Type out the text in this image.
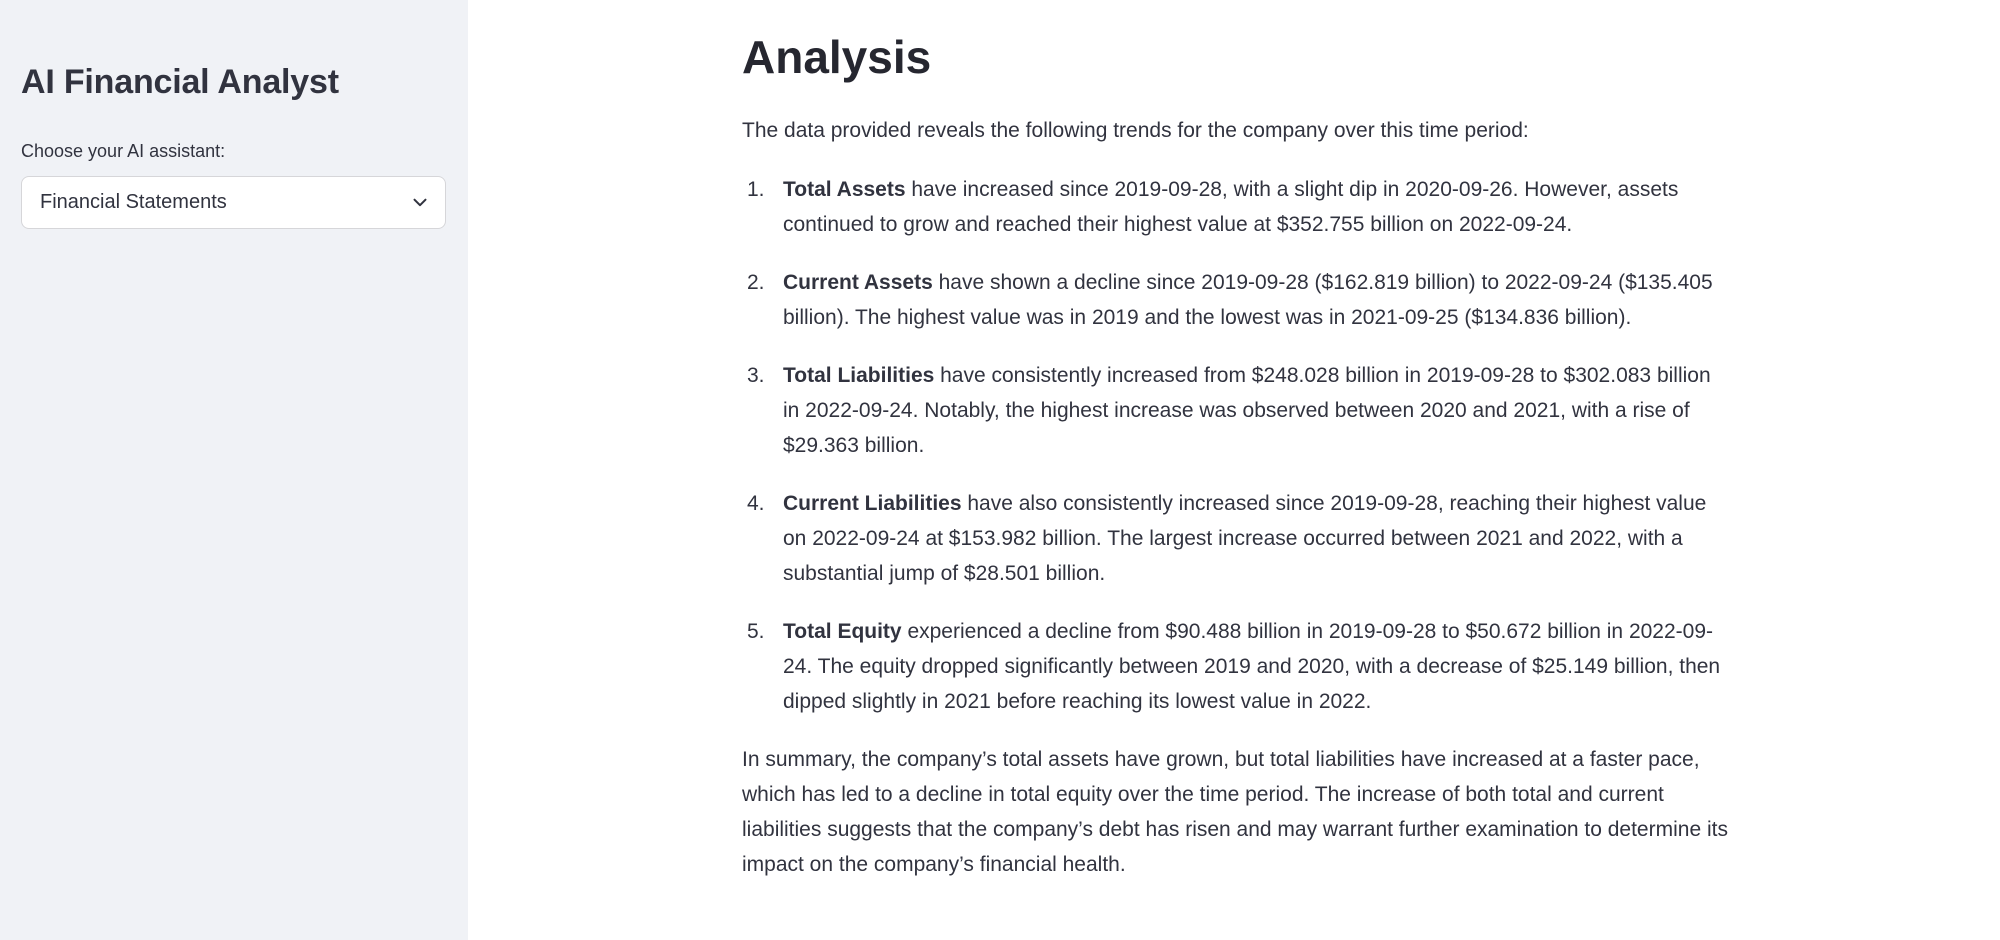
AI Financial Analyst
Choose your AI assistant:
Financial Statements
Analysis

The data provided reveals the following trends for the company over this time period:

1. Total Assets have increased since 2019-09-28, with a slight dip in 2020-09-26. However, assets continued to grow and reached their highest value at $352.755 billion on 2022-09-24.
2. Current Assets have shown a decline since 2019-09-28 ($162.819 billion) to 2022-09-24 ($135.405 billion). The highest value was in 2019 and the lowest was in 2021-09-25 ($134.836 billion).
3. Total Liabilities have consistently increased from $248.028 billion in 2019-09-28 to $302.083 billion in 2022-09-24. Notably, the highest increase was observed between 2020 and 2021, with a rise of $29.363 billion.
4. Current Liabilities have also consistently increased since 2019-09-28, reaching their highest value on 2022-09-24 at $153.982 billion. The largest increase occurred between 2021 and 2022, with a substantial jump of $28.501 billion.
5. Total Equity experienced a decline from $90.488 billion in 2019-09-28 to $50.672 billion in 2022-09-24. The equity dropped significantly between 2019 and 2020, with a decrease of $25.149 billion, then dipped slightly in 2021 before reaching its lowest value in 2022.

In summary, the company’s total assets have grown, but total liabilities have increased at a faster pace, which has led to a decline in total equity over the time period. The increase of both total and current liabilities suggests that the company’s debt has risen and may warrant further examination to determine its impact on the company’s financial health.
